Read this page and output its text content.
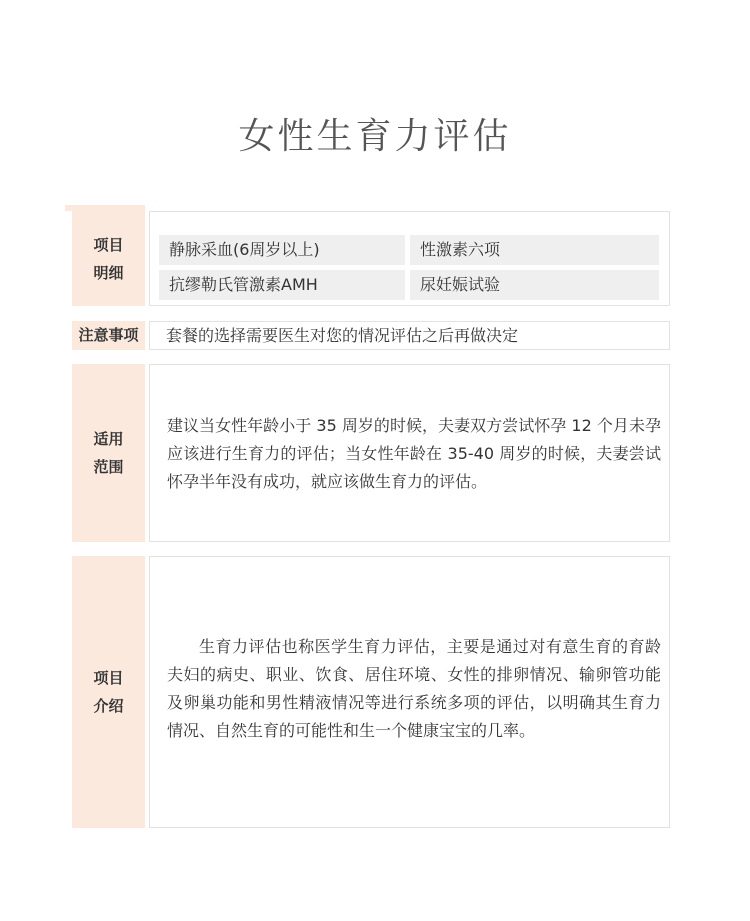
女性生育力评估
项目
明细
静脉采血(6周岁以上)	性激素六项
抗缪勒氏管激素AMH	尿妊娠试验
注意事项	套餐的选择需要医生对您的情况评估之后再做决定
适用
范围
建议当女性年龄小于 35 周岁的时候，夫妻双方尝试怀孕 12 个月未孕应该进行生育力的评估；当女性年龄在 35-40 周岁的时候，夫妻尝试怀孕半年没有成功，就应该做生育力的评估。
项目
介绍
生育力评估也称医学生育力评估，主要是通过对有意生育的育龄夫妇的病史、职业、饮食、居住环境、女性的排卵情况、输卵管功能及卵巢功能和男性精液情况等进行系统多项的评估，以明确其生育力情况、自然生育的可能性和生一个健康宝宝的几率。
